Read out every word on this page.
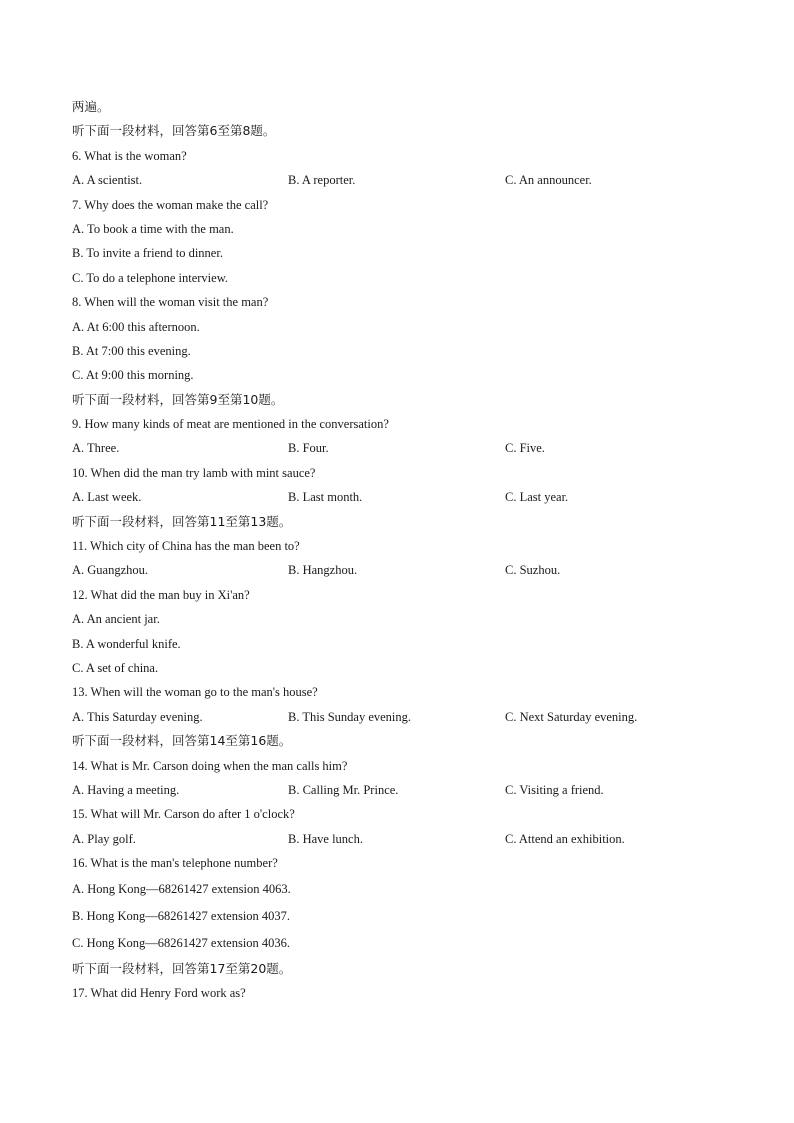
两遍。
听下面一段材料，回答第6至第8题。
6. What is the woman?
A. A scientist.	B. A reporter.	C. An announcer.
7. Why does the woman make the call?
A. To book a time with the man.
B. To invite a friend to dinner.
C. To do a telephone interview.
8. When will the woman visit the man?
A. At 6:00 this afternoon.
B. At 7:00 this evening.
C. At 9:00 this morning.
听下面一段材料，回答第9至第10题。
9. How many kinds of meat are mentioned in the conversation?
A. Three.	B. Four.	C. Five.
10. When did the man try lamb with mint sauce?
A. Last week.	B. Last month.	C. Last year.
听下面一段材料，回答第11至第13题。
11. Which city of China has the man been to?
A. Guangzhou.	B. Hangzhou.	C. Suzhou.
12. What did the man buy in Xi'an?
A. An ancient jar.
B. A wonderful knife.
C. A set of china.
13. When will the woman go to the man's house?
A. This Saturday evening.	B. This Sunday evening.	C. Next Saturday evening.
听下面一段材料，回答第14至第16题。
14. What is Mr. Carson doing when the man calls him?
A. Having a meeting.	B. Calling Mr. Prince.	C. Visiting a friend.
15. What will Mr. Carson do after 1 o'clock?
A. Play golf.	B. Have lunch.	C. Attend an exhibition.
16. What is the man's telephone number?
A. Hong Kong—68261427 extension 4063.
B. Hong Kong—68261427 extension 4037.
C. Hong Kong—68261427 extension 4036.
听下面一段材料，回答第17至第20题。
17. What did Henry Ford work as?
